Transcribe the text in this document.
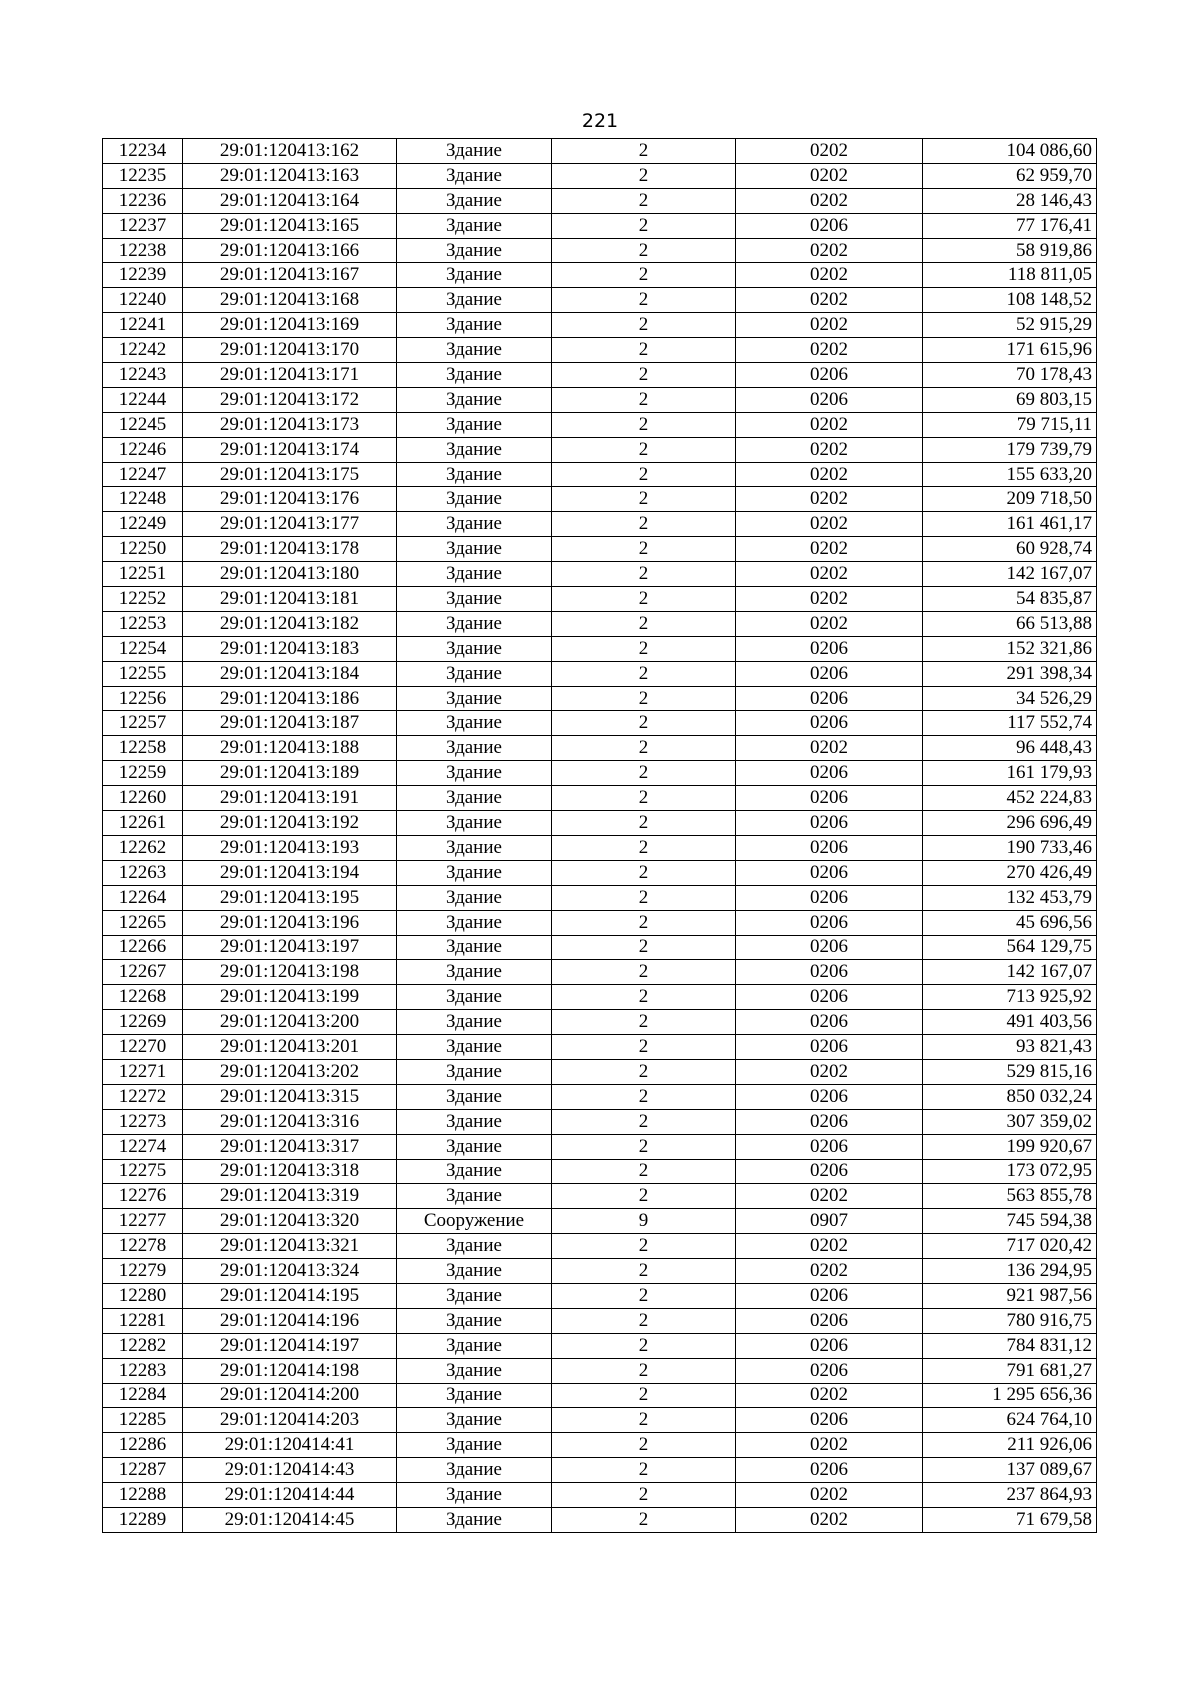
221
12234	29:01:120413:162	Здание	2	0202	104 086,60
12235	29:01:120413:163	Здание	2	0202	62 959,70
12236	29:01:120413:164	Здание	2	0202	28 146,43
12237	29:01:120413:165	Здание	2	0206	77 176,41
12238	29:01:120413:166	Здание	2	0202	58 919,86
12239	29:01:120413:167	Здание	2	0202	118 811,05
12240	29:01:120413:168	Здание	2	0202	108 148,52
12241	29:01:120413:169	Здание	2	0202	52 915,29
12242	29:01:120413:170	Здание	2	0202	171 615,96
12243	29:01:120413:171	Здание	2	0206	70 178,43
12244	29:01:120413:172	Здание	2	0206	69 803,15
12245	29:01:120413:173	Здание	2	0202	79 715,11
12246	29:01:120413:174	Здание	2	0202	179 739,79
12247	29:01:120413:175	Здание	2	0202	155 633,20
12248	29:01:120413:176	Здание	2	0202	209 718,50
12249	29:01:120413:177	Здание	2	0202	161 461,17
12250	29:01:120413:178	Здание	2	0202	60 928,74
12251	29:01:120413:180	Здание	2	0202	142 167,07
12252	29:01:120413:181	Здание	2	0202	54 835,87
12253	29:01:120413:182	Здание	2	0202	66 513,88
12254	29:01:120413:183	Здание	2	0206	152 321,86
12255	29:01:120413:184	Здание	2	0206	291 398,34
12256	29:01:120413:186	Здание	2	0206	34 526,29
12257	29:01:120413:187	Здание	2	0206	117 552,74
12258	29:01:120413:188	Здание	2	0202	96 448,43
12259	29:01:120413:189	Здание	2	0206	161 179,93
12260	29:01:120413:191	Здание	2	0206	452 224,83
12261	29:01:120413:192	Здание	2	0206	296 696,49
12262	29:01:120413:193	Здание	2	0206	190 733,46
12263	29:01:120413:194	Здание	2	0206	270 426,49
12264	29:01:120413:195	Здание	2	0206	132 453,79
12265	29:01:120413:196	Здание	2	0206	45 696,56
12266	29:01:120413:197	Здание	2	0206	564 129,75
12267	29:01:120413:198	Здание	2	0206	142 167,07
12268	29:01:120413:199	Здание	2	0206	713 925,92
12269	29:01:120413:200	Здание	2	0206	491 403,56
12270	29:01:120413:201	Здание	2	0206	93 821,43
12271	29:01:120413:202	Здание	2	0202	529 815,16
12272	29:01:120413:315	Здание	2	0206	850 032,24
12273	29:01:120413:316	Здание	2	0206	307 359,02
12274	29:01:120413:317	Здание	2	0206	199 920,67
12275	29:01:120413:318	Здание	2	0206	173 072,95
12276	29:01:120413:319	Здание	2	0202	563 855,78
12277	29:01:120413:320	Сооружение	9	0907	745 594,38
12278	29:01:120413:321	Здание	2	0202	717 020,42
12279	29:01:120413:324	Здание	2	0202	136 294,95
12280	29:01:120414:195	Здание	2	0206	921 987,56
12281	29:01:120414:196	Здание	2	0206	780 916,75
12282	29:01:120414:197	Здание	2	0206	784 831,12
12283	29:01:120414:198	Здание	2	0206	791 681,27
12284	29:01:120414:200	Здание	2	0202	1 295 656,36
12285	29:01:120414:203	Здание	2	0206	624 764,10
12286	29:01:120414:41	Здание	2	0202	211 926,06
12287	29:01:120414:43	Здание	2	0206	137 089,67
12288	29:01:120414:44	Здание	2	0202	237 864,93
12289	29:01:120414:45	Здание	2	0202	71 679,58
